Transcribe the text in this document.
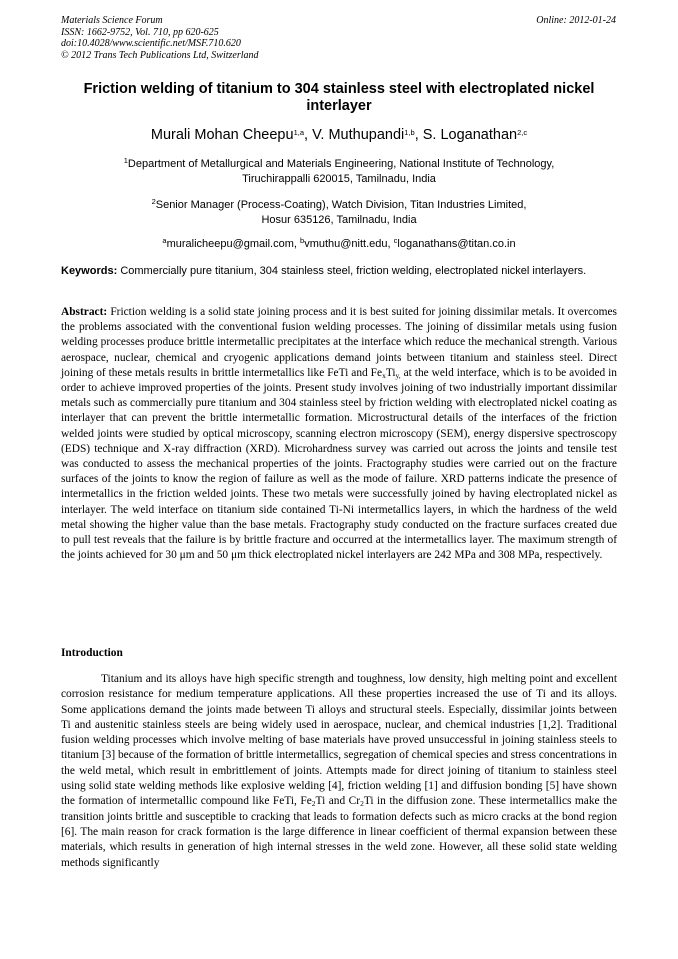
Materials Science Forum
ISSN: 1662-9752, Vol. 710, pp 620-625
doi:10.4028/www.scientific.net/MSF.710.620
© 2012 Trans Tech Publications Ltd, Switzerland
Online: 2012-01-24
Friction welding of titanium to 304 stainless steel with electroplated nickel interlayer
Murali Mohan Cheepu$^{1,a}$, V. Muthupandi$^{1,b}$, S. Loganathan$^{2,c}$
$^1$Department of Metallurgical and Materials Engineering, National Institute of Technology,
Tiruchirappalli 620015, Tamilnadu, India
$^2$Senior Manager (Process-Coating), Watch Division, Titan Industries Limited,
Hosur 635126, Tamilnadu, India
$^a$muralicheepu@gmail.com, $^b$vmuthu@nitt.edu, $^c$loganathans@titan.co.in
Keywords: Commercially pure titanium, 304 stainless steel, friction welding, electroplated nickel interlayers.
Abstract: Friction welding is a solid state joining process and it is best suited for joining dissimilar metals. It overcomes the problems associated with the conventional fusion welding processes. The joining of dissimilar metals using fusion welding processes produce brittle intermetallic precipitates at the interface which reduce the mechanical strength. Various aerospace, nuclear, chemical and cryogenic applications demand joints between titanium and stainless steel. Direct joining of these metals results in brittle intermetallics like FeTi and $Fe_xTi_{y,}$ at the weld interface, which is to be avoided in order to achieve improved properties of the joints. Present study involves joining of two industrially important dissimilar metals such as commercially pure titanium and 304 stainless steel by friction welding with electroplated nickel coating as interlayer that can prevent the brittle intermetallic formation. Microstructural details of the interfaces of the friction welded joints were studied by optical microscopy, scanning electron microscopy (SEM), energy dispersive spectroscopy (EDS) technique and X-ray diffraction (XRD). Microhardness survey was carried out across the joints and tensile test was conducted to assess the mechanical properties of the joints. Fractography studies were carried out on the fracture surfaces of the joints to know the region of failure as well as the mode of failure. XRD patterns indicate the presence of intermetallics in the friction welded joints. These two metals were successfully joined by having electroplated nickel as interlayer. The weld interface on titanium side contained Ti-Ni intermetallics layers, in which the hardness of the weld metal showing the higher value than the base metals. Fractography study conducted on the fracture surfaces created due to pull test reveals that the failure is by brittle fracture and occurred at the intermetallics layer. The maximum strength of the joints achieved for 30 μm and 50 μm thick electroplated nickel interlayers are 242 MPa and 308 MPa, respectively.
Introduction
Titanium and its alloys have high specific strength and toughness, low density, high melting point and excellent corrosion resistance for medium temperature applications. All these properties increased the use of Ti and its alloys. Some applications demand the joints made between Ti alloys and structural steels. Especially, dissimilar joints between Ti and austenitic stainless steels are being widely used in aerospace, nuclear, and chemical industries [1,2]. Traditional fusion welding processes which involve melting of base materials have proved unsuccessful in joining stainless steels to titanium [3] because of the formation of brittle intermetallics, segregation of chemical species and stress concentrations in the weld metal, which result in embrittlement of joints. Attempts made for direct joining of titanium to stainless steel using solid state welding methods like explosive welding [4], friction welding [1] and diffusion bonding [5] have shown the formation of intermetallic compound like FeTi, $Fe_2Ti$ and $Cr_2Ti$ in the diffusion zone. These intermetallics make the transition joints brittle and susceptible to cracking that leads to formation defects such as micro cracks at the bond region [6]. The main reason for crack formation is the large difference in linear coefficient of thermal expansion between these materials, which results in generation of high internal stresses in the weld zone. However, all these solid state welding methods significantly
